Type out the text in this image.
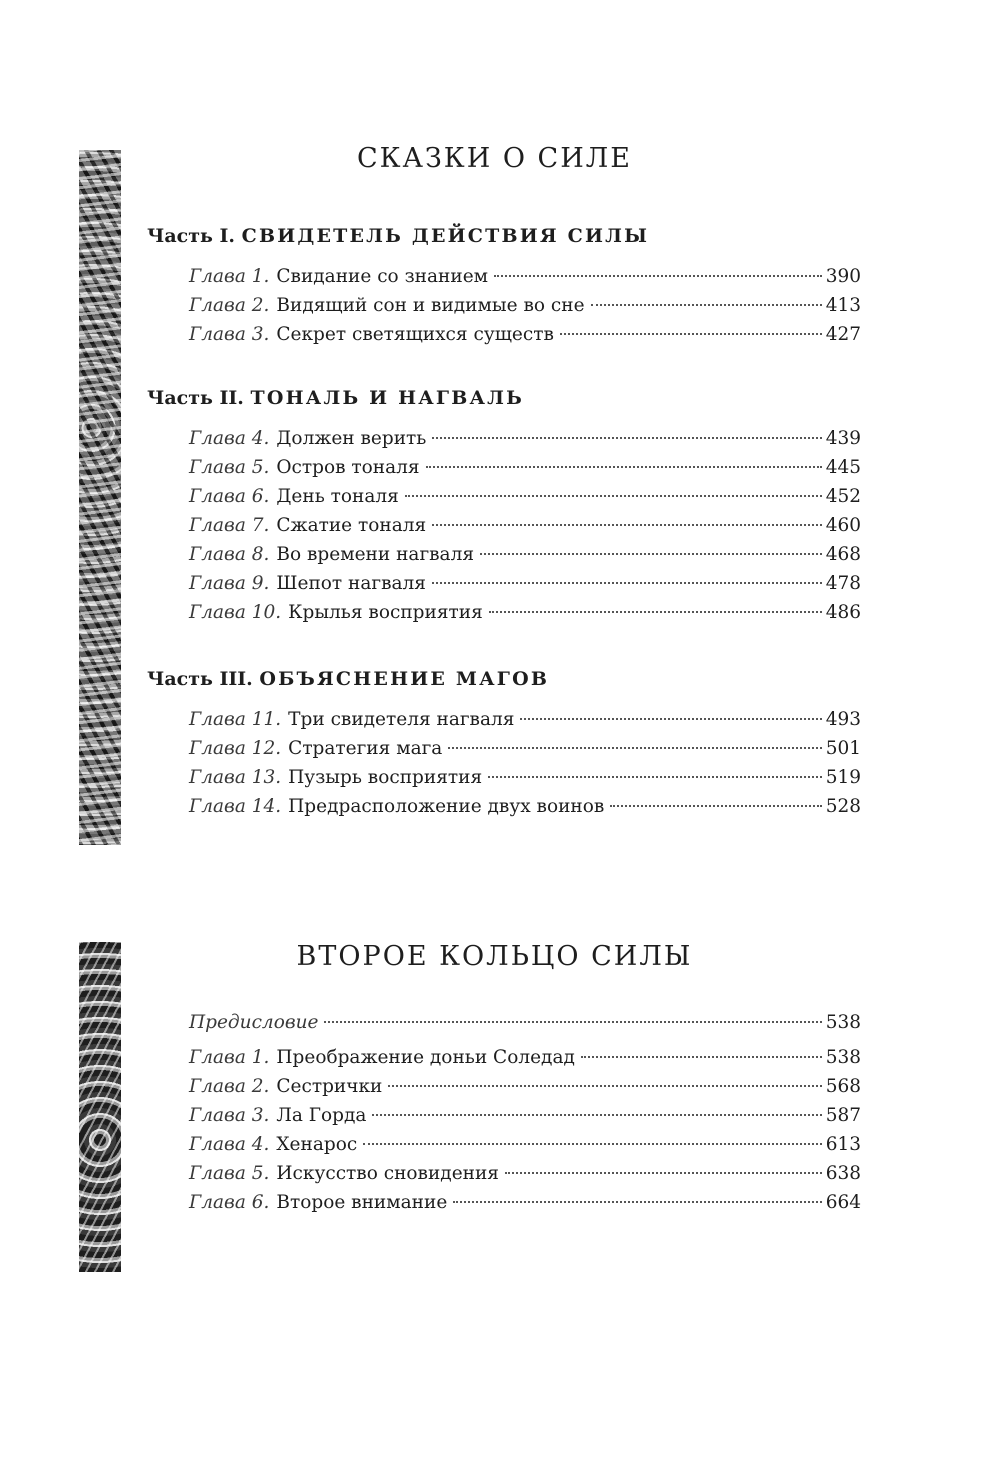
СКАЗКИ О СИЛЕ
Часть I. СВИДЕТЕЛЬ ДЕЙСТВИЯ СИЛЫ
Глава 1. Свидание со знанием	390
Глава 2. Видящий сон и видимые во сне	413
Глава 3. Секрет светящихся существ	427
Часть II. ТОНАЛЬ И НАГВАЛЬ
Глава 4. Должен верить	439
Глава 5. Остров тоналя	445
Глава 6. День тоналя	452
Глава 7. Сжатие тоналя	460
Глава 8. Во времени нагваля	468
Глава 9. Шепот нагваля	478
Глава 10. Крылья восприятия	486
Часть III. ОБЪЯСНЕНИЕ МАГОВ
Глава 11. Три свидетеля нагваля	493
Глава 12. Стратегия мага	501
Глава 13. Пузырь восприятия	519
Глава 14. Предрасположение двух воинов	528
ВТОРОЕ КОЛЬЦО СИЛЫ
Предисловие	538
Глава 1. Преображение доньи Соледад	538
Глава 2. Сестрички	568
Глава 3. Ла Горда	587
Глава 4. Хенарос	613
Глава 5. Искусство сновидения	638
Глава 6. Второе внимание	664
